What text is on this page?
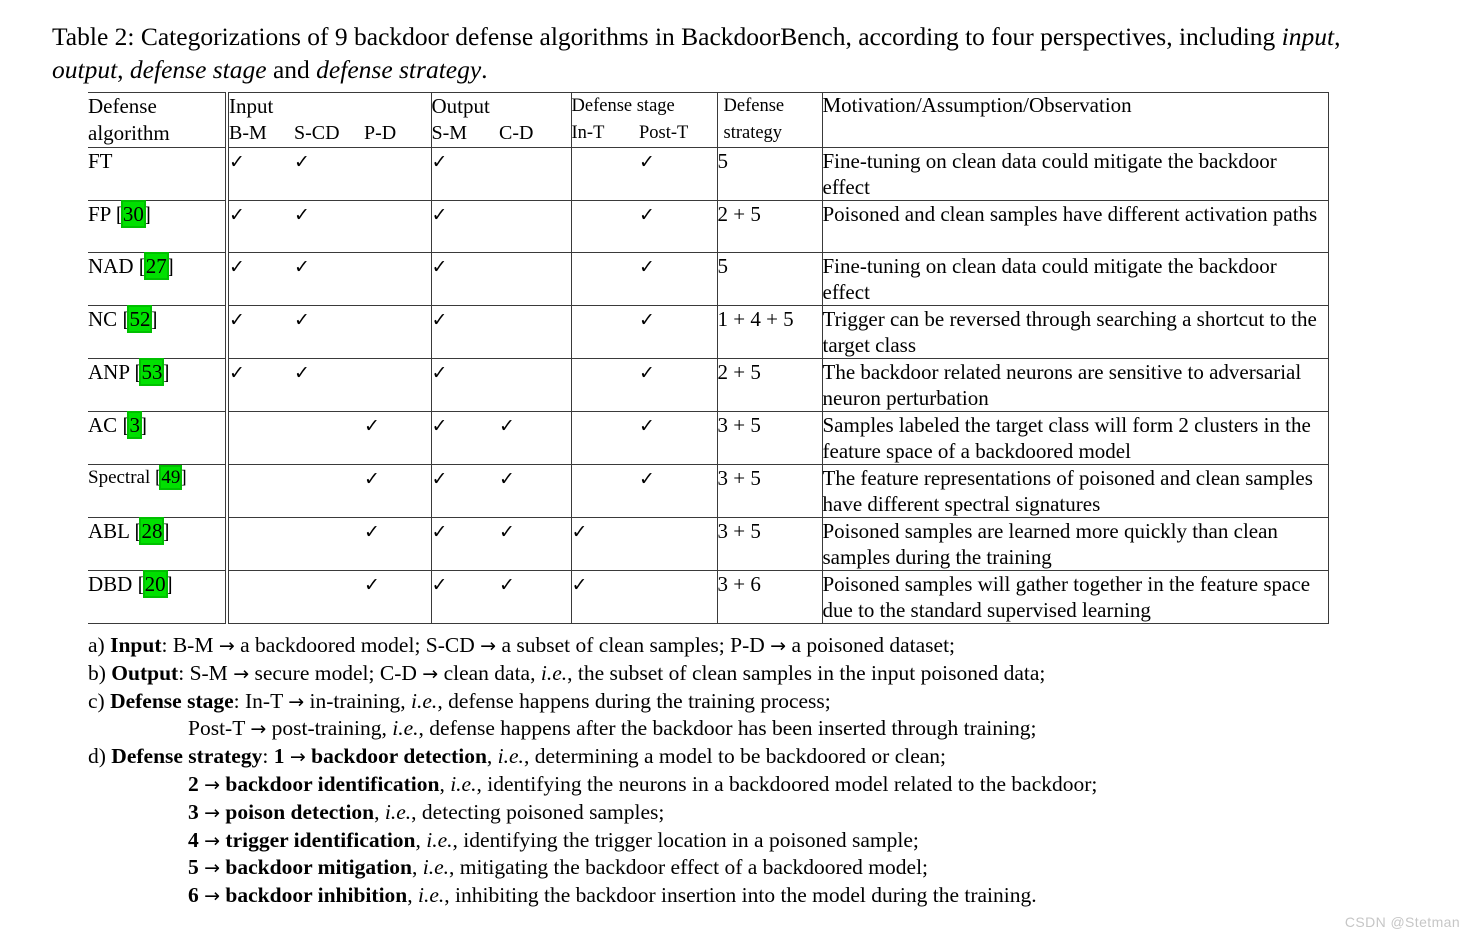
Table 2: Categorizations of 9 backdoor defense algorithms in BackdoorBench, according to four perspectives, including input, output, defense stage and defense strategy.
Defense	Input			Output		Defense stage		Defense	Motivation/Assumption/Observation
algorithm	B-M	S-CD	P-D	S-M	C-D	In-T	Post-T	strategy	
FT	✓	✓		✓			✓	5	Fine-tuning on clean data could mitigate the backdoor effect
FP [30]	✓	✓		✓			✓	2 + 5	Poisoned and clean samples have different activation paths
NAD [27]	✓	✓		✓			✓	5	Fine-tuning on clean data could mitigate the backdoor effect
NC [52]	✓	✓		✓			✓	1 + 4 + 5	Trigger can be reversed through searching a shortcut to the target class
ANP [53]	✓	✓		✓			✓	2 + 5	The backdoor related neurons are sensitive to adversarial neuron perturbation
AC [3]			✓	✓	✓		✓	3 + 5	Samples labeled the target class will form 2 clusters in the feature space of a backdoored model
Spectral [49]			✓	✓	✓		✓	3 + 5	The feature representations of poisoned and clean samples have different spectral signatures
ABL [28]			✓	✓	✓	✓		3 + 5	Poisoned samples are learned more quickly than clean samples during the training
DBD [20]			✓	✓	✓	✓		3 + 6	Poisoned samples will gather together in the feature space due to the standard supervised learning
a) Input: B-M → a backdoored model; S-CD → a subset of clean samples; P-D → a poisoned dataset;
b) Output: S-M → secure model; C-D → clean data, i.e., the subset of clean samples in the input poisoned data;
c) Defense stage: In-T → in-training, i.e., defense happens during the training process;
Post-T → post-training, i.e., defense happens after the backdoor has been inserted through training;
d) Defense strategy: 1 → backdoor detection, i.e., determining a model to be backdoored or clean;
2 → backdoor identification, i.e., identifying the neurons in a backdoored model related to the backdoor;
3 → poison detection, i.e., detecting poisoned samples;
4 → trigger identification, i.e., identifying the trigger location in a poisoned sample;
5 → backdoor mitigation, i.e., mitigating the backdoor effect of a backdoored model;
6 → backdoor inhibition, i.e., inhibiting the backdoor insertion into the model during the training.
CSDN @Stetman
